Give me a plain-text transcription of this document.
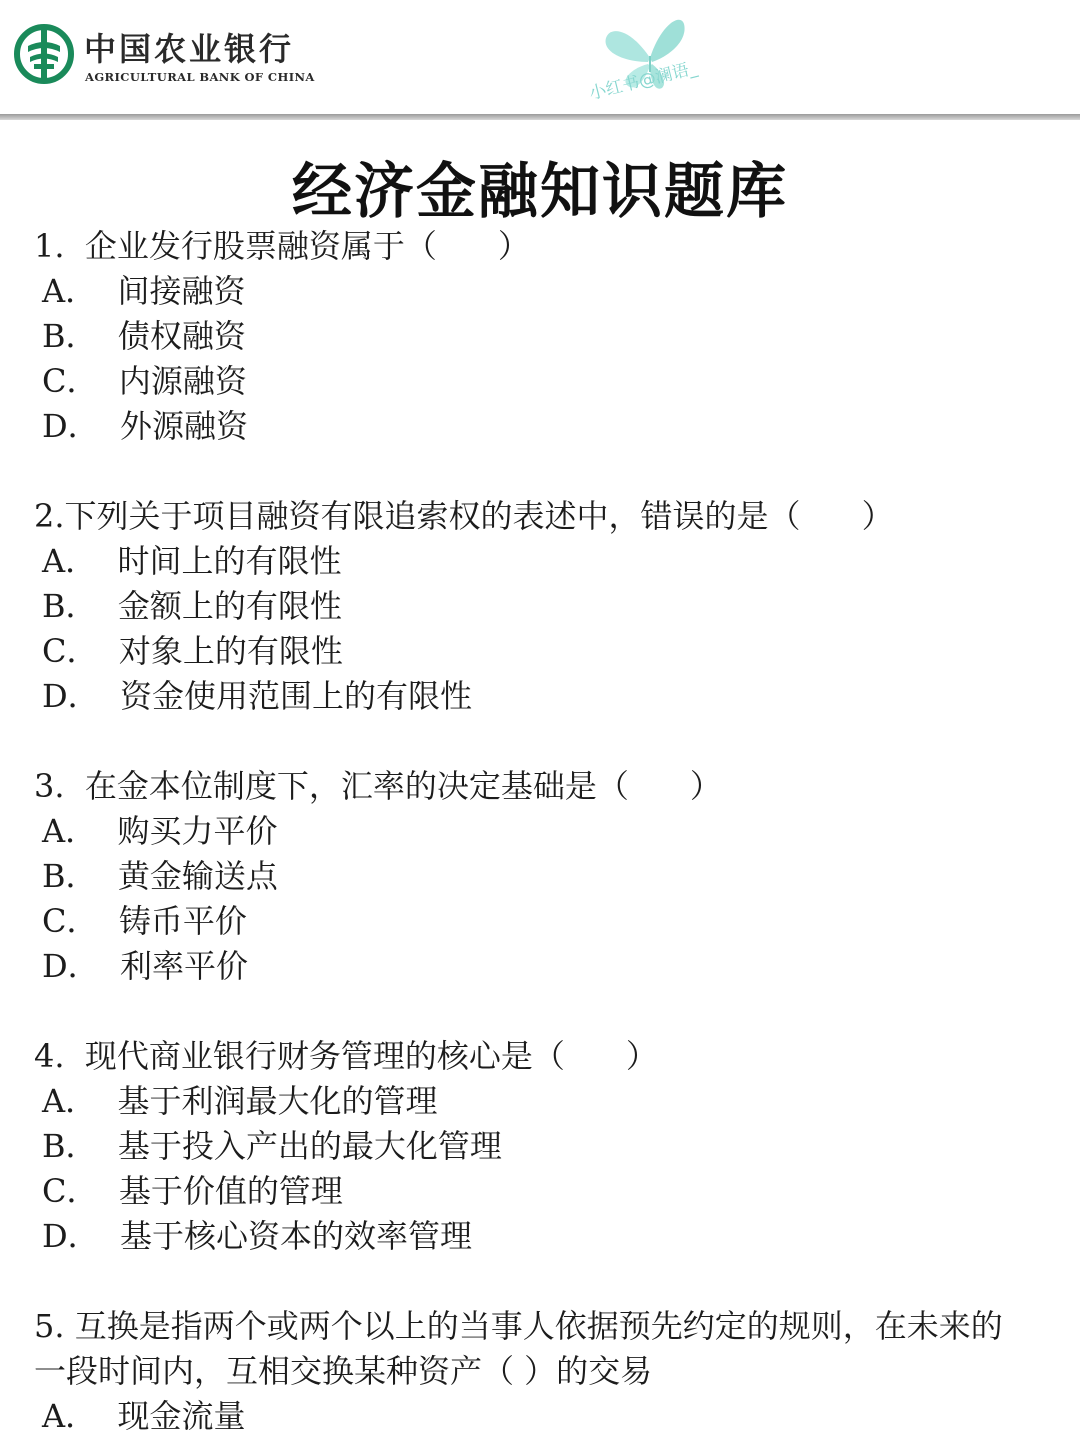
中国农业银行
AGRICULTURAL BANK OF CHINA	小红书@澜语_
经济金融知识题库
1.  企业发行股票融资属于（      ）
A．  间接融资
B．  债权融资
C．  内源融资
D．  外源融资
2.下列关于项目融资有限追索权的表述中，错误的是（      ）
A．  时间上的有限性
B．  金额上的有限性
C．  对象上的有限性
D．  资金使用范围上的有限性
3.  在金本位制度下，汇率的决定基础是（      ）
A．  购买力平价
B．  黄金输送点
C．  铸币平价
D．  利率平价
4.  现代商业银行财务管理的核心是（      ）
A．  基于利润最大化的管理
B．  基于投入产出的最大化管理
C．  基于价值的管理
D．  基于核心资本的效率管理
5. 互换是指两个或两个以上的当事人依据预先约定的规则，在未来的一段时间内，互相交换某种资产（ ）的交易
A．  现金流量
